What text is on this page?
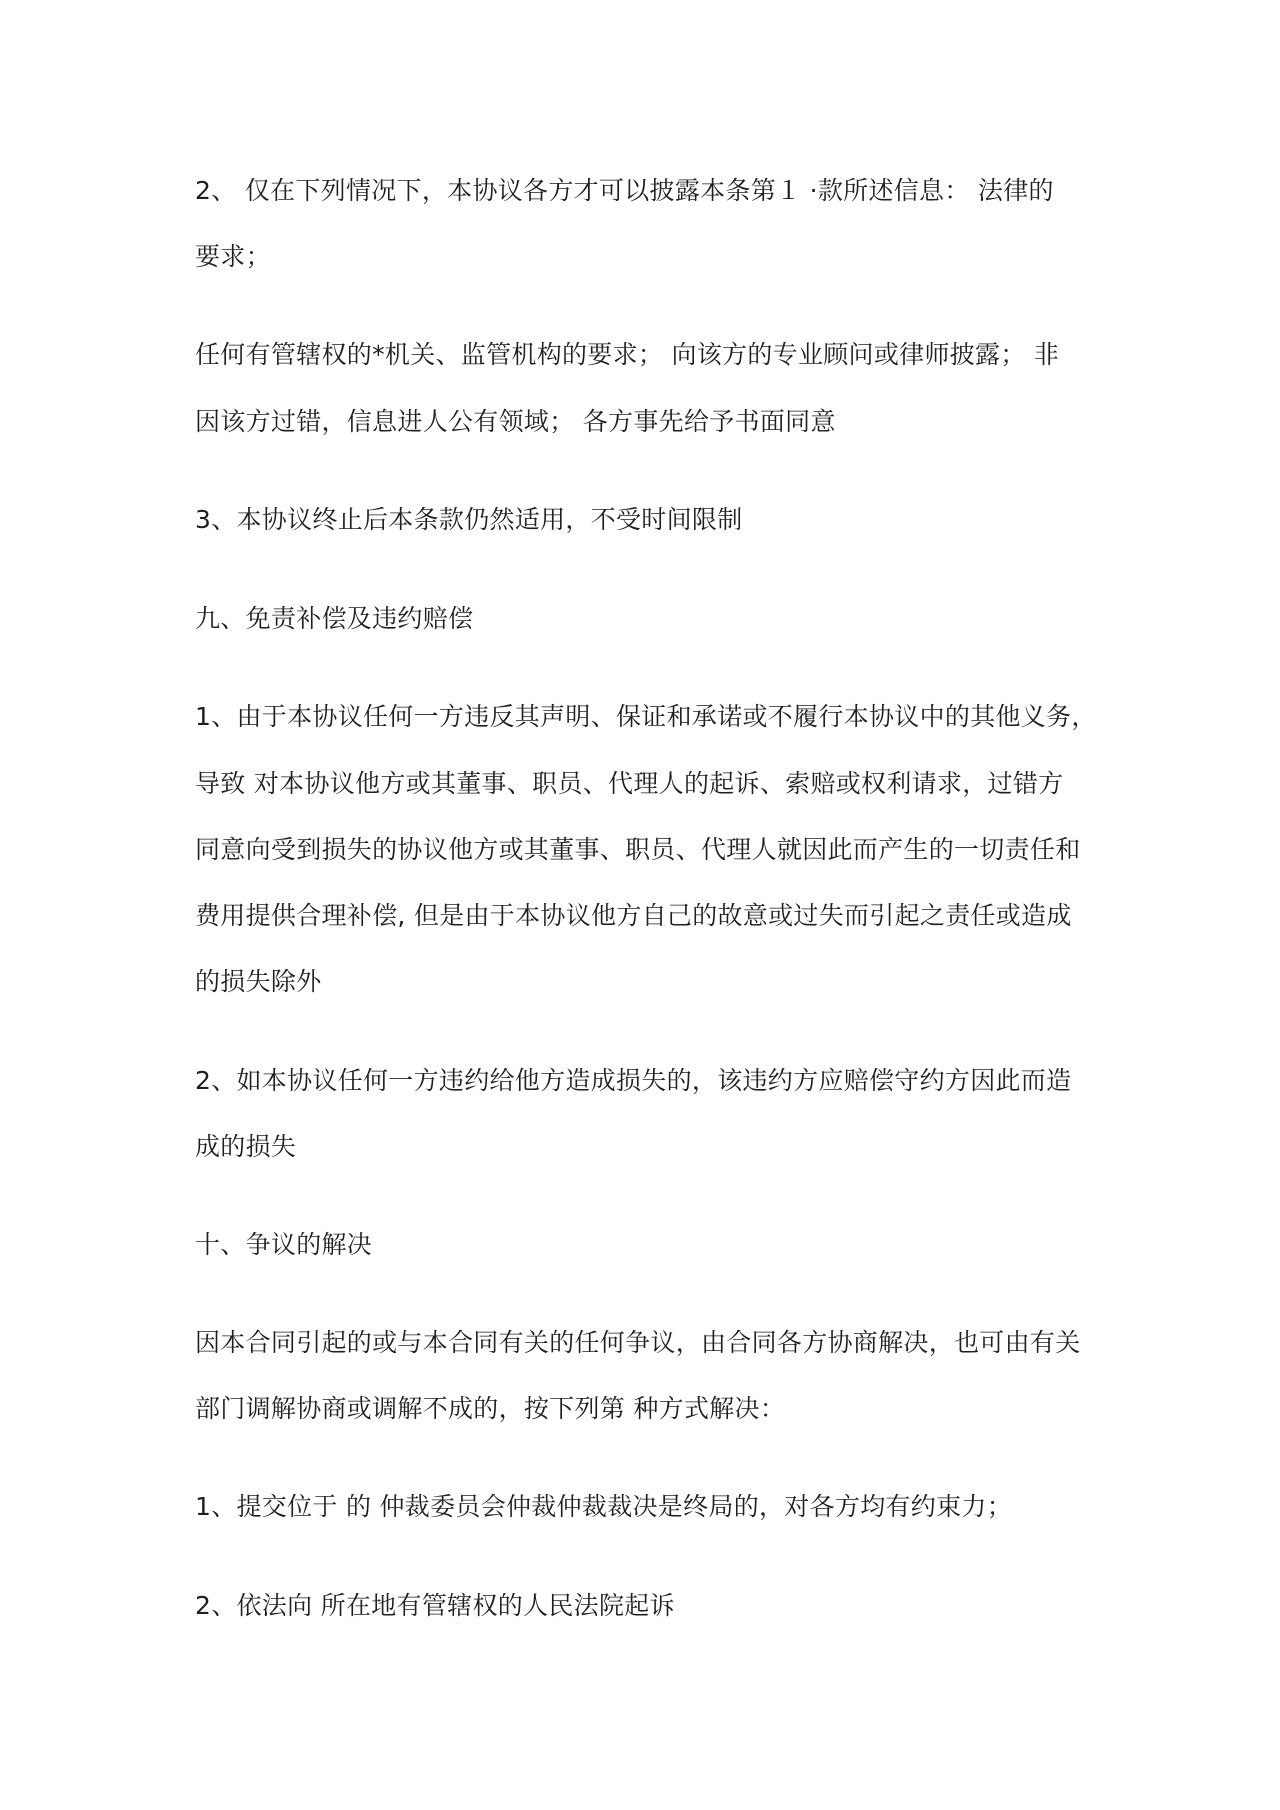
2、 仅在下列情况下，本协议各方才可以披露本条第１ ·款所述信息： 法律的

要求；

任何有管辖权的*机关、监管机构的要求； 向该方的专业顾问或律师披露； 非

因该方过错，信息进人公有领域； 各方事先给予书面同意

3、本协议终止后本条款仍然适用，不受时间限制

九、免责补偿及违约赔偿

1、由于本协议任何一方违反其声明、保证和承诺或不履行本协议中的其他义务，

导致 对本协议他方或其董事、职员、代理人的起诉、索赔或权利请求，过错方

同意向受到损失的协议他方或其董事、职员、代理人就因此而产生的一切责任和

费用提供合理补偿, 但是由于本协议他方自己的故意或过失而引起之责任或造成

的损失除外

2、如本协议任何一方违约给他方造成损失的，该违约方应赔偿守约方因此而造

成的损失

十、争议的解决

因本合同引起的或与本合同有关的任何争议，由合同各方协商解决，也可由有关

部门调解协商或调解不成的，按下列第 种方式解决：

1、提交位于 的 仲裁委员会仲裁仲裁裁决是终局的，对各方均有约束力；

2、依法向 所在地有管辖权的人民法院起诉
